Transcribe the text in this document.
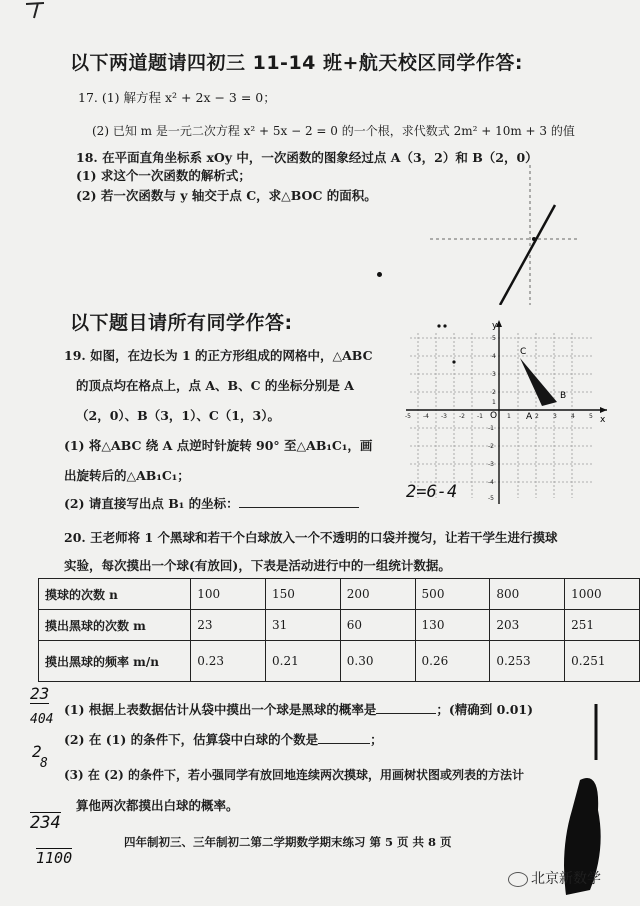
以下两道题请四初三 11-14 班+航天校区同学作答:
17. (1) 解方程 x² + 2x − 3 = 0；
(2) 已知 m 是一元二次方程 x² + 5x − 2 = 0 的一个根，求代数式 2m² + 10m + 3 的值
18. 在平面直角坐标系 xOy 中，一次函数的图象经过点 A（3，2）和 B（2，0）
(1) 求这个一次函数的解析式；
(2) 若一次函数与 y 轴交于点 C，求△BOC 的面积。
以下题目请所有同学作答:
19. 如图，在边长为 1 的正方形组成的网格中，△ABC
的顶点均在格点上，点 A、B、C 的坐标分别是 A
（2，0）、B（3，1）、C（1，3）。
(1) 将△ABC 绕 A 点逆时针旋转 90° 至△AB₁C₁，画
出旋转后的△AB₁C₁；
(2) 请直接写出点 B₁ 的坐标：
y
x
O	A
B
C
-5 -4 -3 -2 -1	1	2 3 4 5
5
4
3
2
1
-1
-2
-3
-4
-5
2=6-4
20. 王老师将 1 个黑球和若干个白球放入一个不透明的口袋并搅匀，让若干学生进行摸球
实验，每次摸出一个球(有放回)，下表是活动进行中的一组统计数据。
摸球的次数 n	100	150	200	500	800	1000
摸出黑球的次数 m	23	31	60	130	203	251
摸出黑球的频率 m/n	0.23	0.21	0.30	0.26	0.253	0.251
(1) 根据上表数据估计从袋中摸出一个球是黑球的概率是	；(精确到 0.01)
(2) 在 (1) 的条件下，估算袋中白球的个数是	；
(3) 在 (2) 的条件下，若小强同学有放回地连续两次摸球，用画树状图或列表的方法计
算他两次都摸出白球的概率。
23
404
2
8
234
1100
四年制初三、三年制初二第二学期数学期末练习 第 5 页 共 8 页
北京新数学
